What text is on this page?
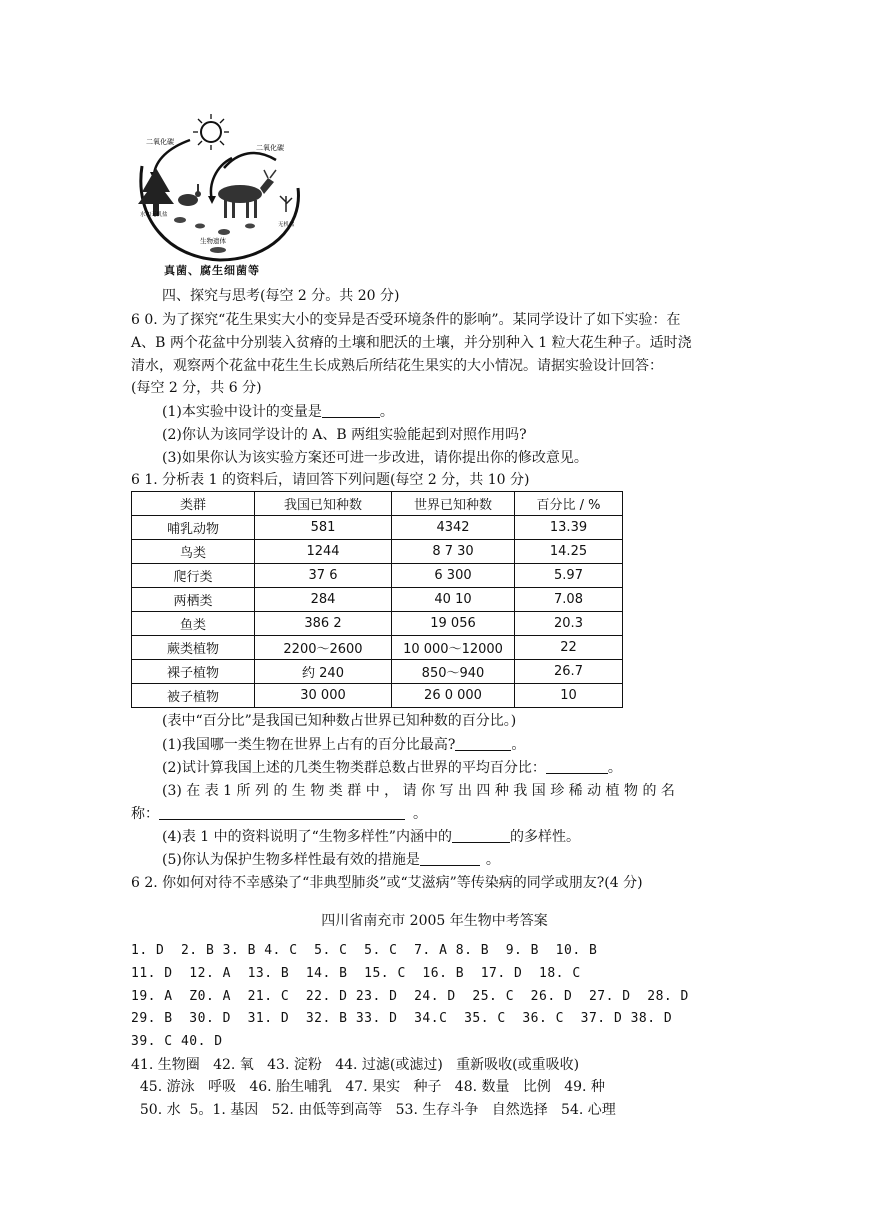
二氧化碳
二氧化碳
生物遗体
水和无机盐
无机盐
真菌、腐生细菌等
四、探究与思考(每空 2 分。共 20 分)
6 0. 为了探究“花生果实大小的变异是否受环境条件的影响”。某同学设计了如下实验：在
A、B 两个花盆中分别装入贫瘠的土壤和肥沃的土壤，并分别种入 1 粒大花生种子。适时浇
清水，观察两个花盆中花生生长成熟后所结花生果实的大小情况。请据实验设计回答：
(每空 2 分，共 6 分)
(1)本实验中设计的变量是	。
(2)你认为该同学设计的 A、B 两组实验能起到对照作用吗?
(3)如果你认为该实验方案还可进一步改进，请你提出你的修改意见。
6 1. 分析表 1 的资料后，请回答下列问题(每空 2 分，共 10 分)
类群	我国已知种数	世界已知种数	百分比 / %
哺乳动物	581	4342	13.39
鸟类	1244	8 7 30	14.25
爬行类	37 6	6 300	5.97
两栖类	284	40 10	7.08
鱼类	386 2	19 056	20.3
蕨类植物	2200～2600	10 000～12000	22
裸子植物	约 240	850～940	26.7
被子植物	30 000	26 0 000	10
(表中“百分比”是我国已知种数占世界已知种数的百分比。)
(1)我国哪一类生物在世界上占有的百分比最高?	。
(2)试计算我国上述的几类生物类群总数占世界的平均百分比：	。
(3) 在 表 1 所 列 的 生 物 类 群 中 ， 请 你 写 出 四 种 我 国 珍 稀 动 植 物 的 名
称：	。
(4)表 1 中的资料说明了“生物多样性”内涵中的	的多样性。
(5)你认为保护生物多样性最有效的措施是	。
6 2. 你如何对待不幸感染了“非典型肺炎”或“艾滋病”等传染病的同学或朋友?(4 分)
四川省南充市 2005 年生物中考答案
1. D  2. B 3. B 4. C  5. C  5. C  7. A 8. B  9. B  10. B
11. D  12. A  13. B  14. B  15. C  16. B  17. D  18. C
19. A  Z0. A  21. C  22. D 23. D  24. D  25. C  26. D  27. D  28. D
29. B  30. D  31. D  32. B 33. D  34.C  35. C  36. C  37. D 38. D
39. C 40. D
41. 生物圈   42. 氧   43. 淀粉   44. 过滤(或滤过)   重新吸收(或重吸收)
45. 游泳   呼吸   46. 胎生哺乳   47. 果实   种子   48. 数量   比例   49. 种
50. 水  5。1. 基因   52. 由低等到高等   53. 生存斗争   自然选择   54. 心理
